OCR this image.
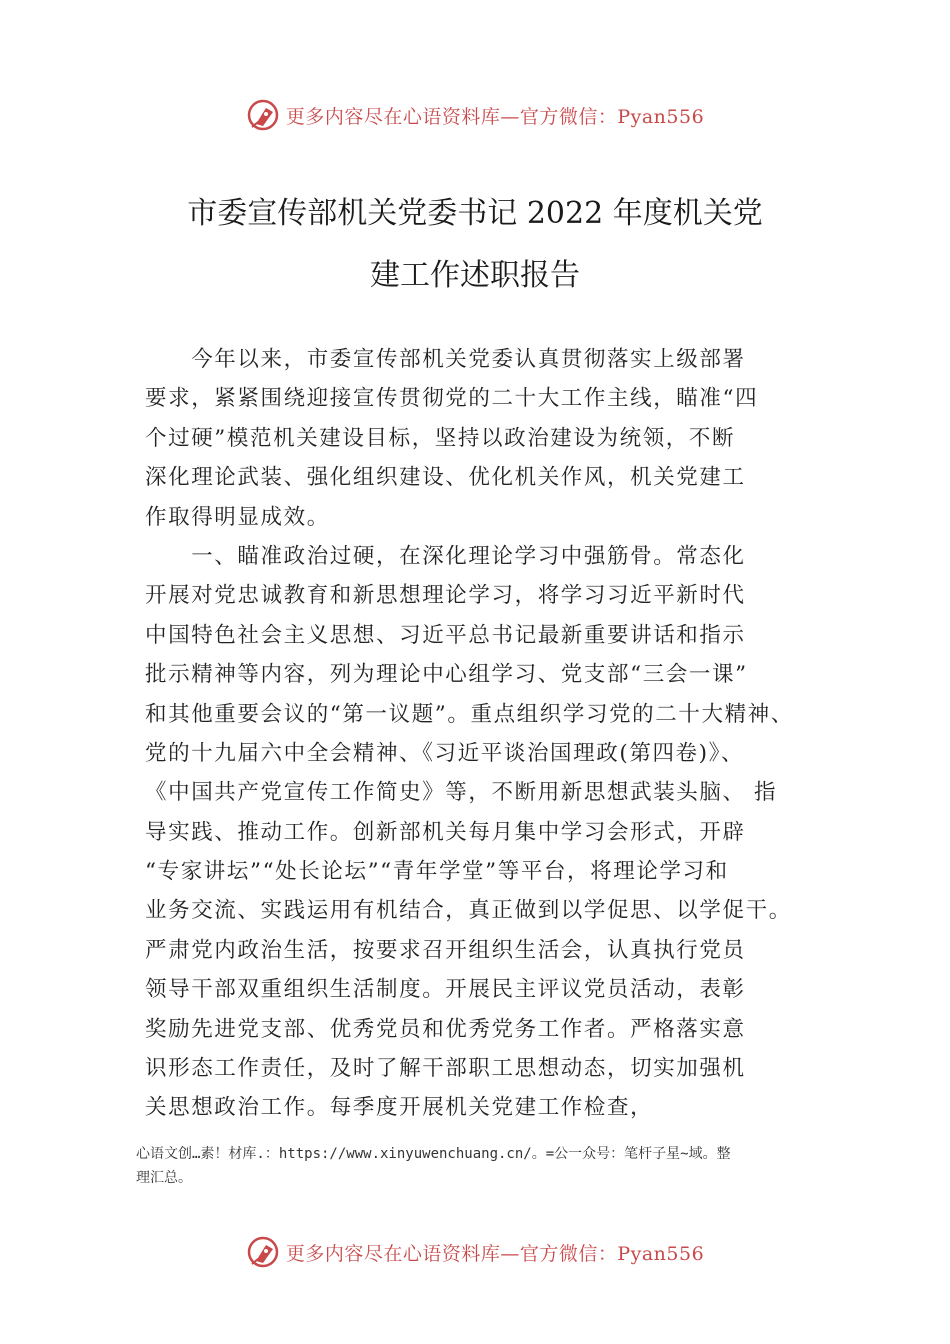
更多内容尽在心语资料库—官方微信：Pyan556
市委宣传部机关党委书记 2022 年度机关党
建工作述职报告
　　今年以来，市委宣传部机关党委认真贯彻落实上级部署
要求，紧紧围绕迎接宣传贯彻党的二十大工作主线，瞄准“四
个过硬”模范机关建设目标，坚持以政治建设为统领，不断
深化理论武装、强化组织建设、优化机关作风，机关党建工
作取得明显成效。
　　一、瞄准政治过硬，在深化理论学习中强筋骨。常态化
开展对党忠诚教育和新思想理论学习，将学习习近平新时代
中国特色社会主义思想、习近平总书记最新重要讲话和指示
批示精神等内容，列为理论中心组学习、党支部“三会一课”
和其他重要会议的“第一议题”。重点组织学习党的二十大精神、
党的十九届六中全会精神、《习近平谈治国理政(第四卷)》、
《中国共产党宣传工作简史》等，不断用新思想武装头脑、 指
导实践、推动工作。创新部机关每月集中学习会形式，开辟
“专家讲坛”“处长论坛”“青年学堂”等平台，将理论学习和
业务交流、实践运用有机结合，真正做到以学促思、以学促干。
严肃党内政治生活，按要求召开组织生活会，认真执行党员
领导干部双重组织生活制度。开展民主评议党员活动，表彰
奖励先进党支部、优秀党员和优秀党务工作者。严格落实意
识形态工作责任，及时了解干部职工思想动态，切实加强机
关思想政治工作。每季度开展机关党建工作检查，
心语文创…素！材库.：https://www.xinyuwenchuang.cn/。=公一众号：笔杆子星~域。整
理汇总。
更多内容尽在心语资料库—官方微信：Pyan556
